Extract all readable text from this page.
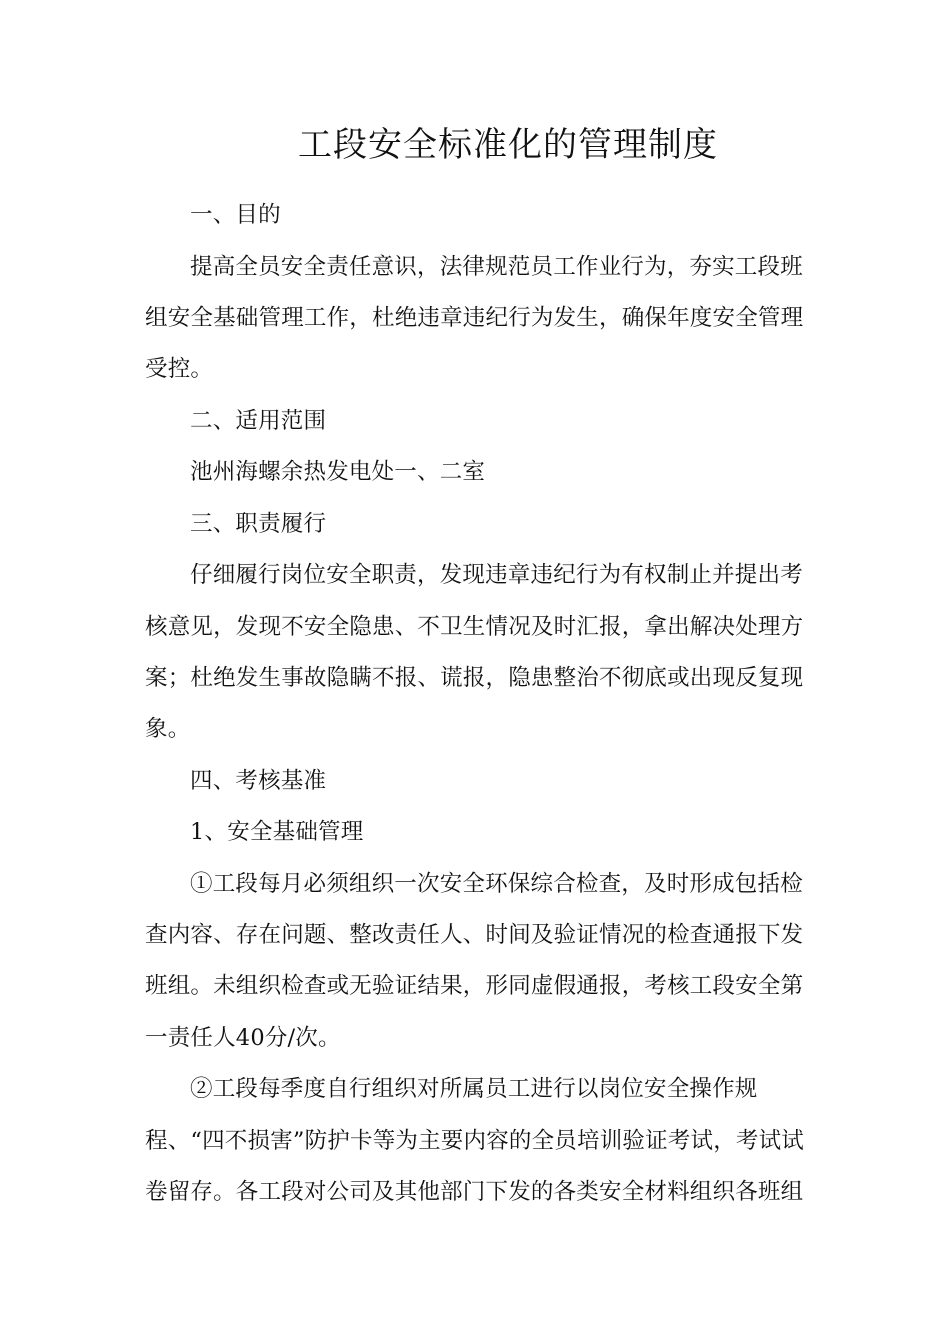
工段安全标准化的管理制度
一、目的
提高全员安全责任意识，法律规范员工作业行为，夯实工段班
组安全基础管理工作，杜绝违章违纪行为发生，确保年度安全管理
受控。
二、适用范围
池州海螺余热发电处一、二室
三、职责履行
仔细履行岗位安全职责，发现违章违纪行为有权制止并提出考
核意见，发现不安全隐患、不卫生情况及时汇报，拿出解决处理方
案；杜绝发生事故隐瞒不报、谎报，隐患整治不彻底或出现反复现
象。
四、考核基准
1、安全基础管理
①工段每月必须组织一次安全环保综合检查，及时形成包括检
查内容、存在问题、整改责任人、时间及验证情况的检查通报下发
班组。未组织检查或无验证结果，形同虚假通报，考核工段安全第
一责任人40分/次。
②工段每季度自行组织对所属员工进行以岗位安全操作规
程、“四不损害”防护卡等为主要内容的全员培训验证考试，考试试
卷留存。各工段对公司及其他部门下发的各类安全材料组织各班组
